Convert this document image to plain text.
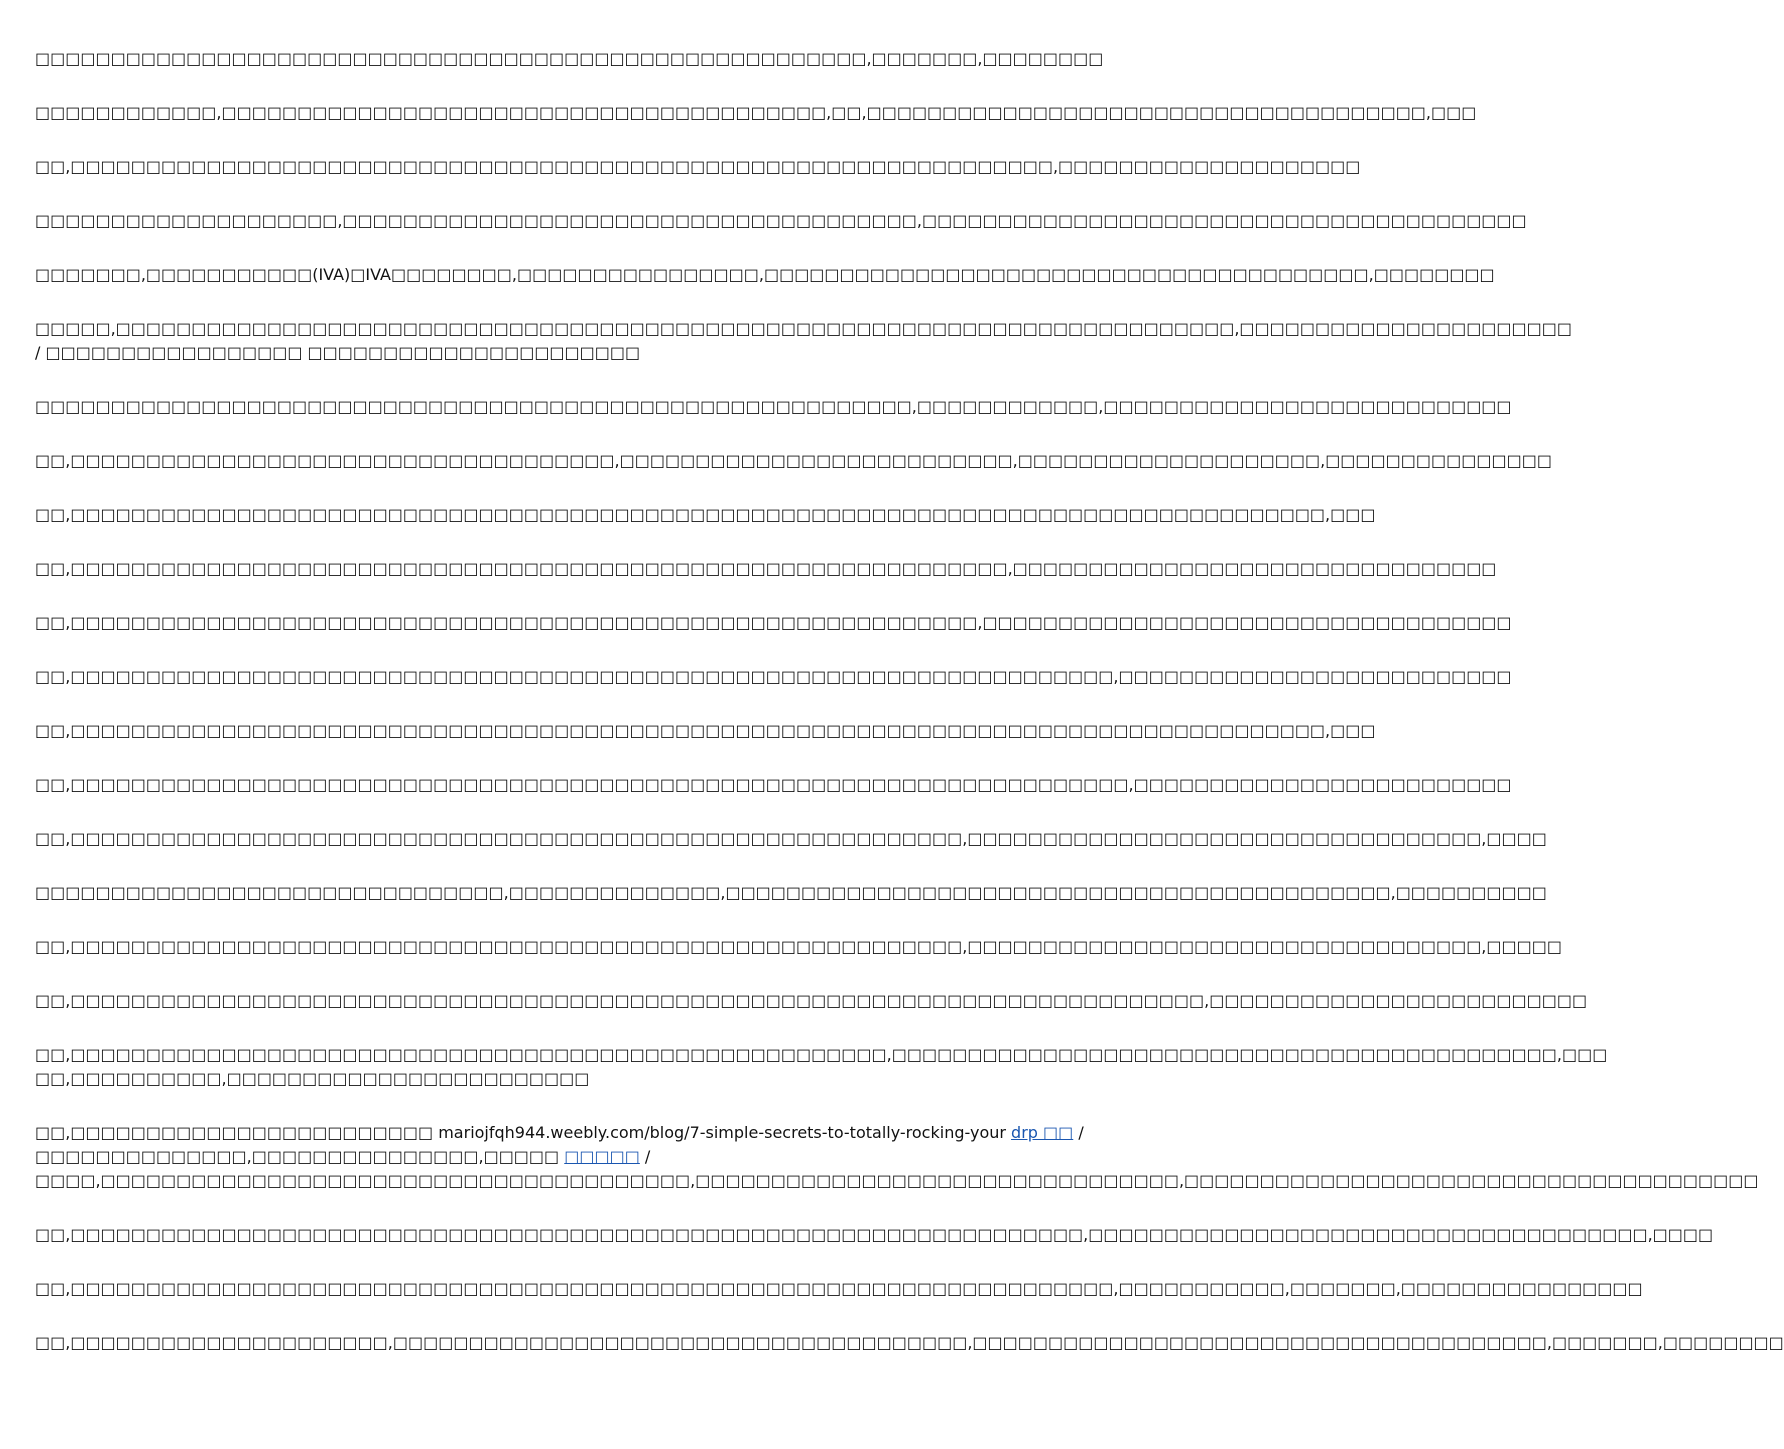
□□□□□□□□□□□□□□□□□□□□□□□□□□□□□□□□□□□□□□□□□□□□□□□□□□□□□□□,□□□□□□□,□□□□□□□□

□□□□□□□□□□□□,□□□□□□□□□□□□□□□□□□□□□□□□□□□□□□□□□□□□□□□□,□□,□□□□□□□□□□□□□□□□□□□□□□□□□□□□□□□□□□□□□,□□□

□□,□□□□□□□□□□□□□□□□□□□□□□□□□□□□□□□□□□□□□□□□□□□□□□□□□□□□□□□□□□□□□□□□□,□□□□□□□□□□□□□□□□□□□□

□□□□□□□□□□□□□□□□□□□□,□□□□□□□□□□□□□□□□□□□□□□□□□□□□□□□□□□□□□□,□□□□□□□□□□□□□□□□□□□□□□□□□□□□□□□□□□□□□□□□

□□□□□□□,□□□□□□□□□□□(IVA)□IVA□□□□□□□□,□□□□□□□□□□□□□□□□,□□□□□□□□□□□□□□□□□□□□□□□□□□□□□□□□□□□□□□□□,□□□□□□□□

□□□□□,□□□□□□□□□□□□□□□□□□□□□□□□□□□□□□□□□□□□□□□□□□□□□□□□□□□□□□□□□□□□□□□□□□□□□□□□□□,□□□□□□□□□□□□□□□□□□□□□□
/ □□□□□□□□□□□□□□□□□ □□□□□□□□□□□□□□□□□□□□□□

□□□□□□□□□□□□□□□□□□□□□□□□□□□□□□□□□□□□□□□□□□□□□□□□□□□□□□□□□□,□□□□□□□□□□□□,□□□□□□□□□□□□□□□□□□□□□□□□□□□

□□,□□□□□□□□□□□□□□□□□□□□□□□□□□□□□□□□□□□□,□□□□□□□□□□□□□□□□□□□□□□□□□□,□□□□□□□□□□□□□□□□□□□□,□□□□□□□□□□□□□□□

□□,□□□□□□□□□□□□□□□□□□□□□□□□□□□□□□□□□□□□□□□□□□□□□□□□□□□□□□□□□□□□□□□□□□□□□□□□□□□□□□□□□□□,□□□

□□,□□□□□□□□□□□□□□□□□□□□□□□□□□□□□□□□□□□□□□□□□□□□□□□□□□□□□□□□□□□□□□,□□□□□□□□□□□□□□□□□□□□□□□□□□□□□□□□

□□,□□□□□□□□□□□□□□□□□□□□□□□□□□□□□□□□□□□□□□□□□□□□□□□□□□□□□□□□□□□□,□□□□□□□□□□□□□□□□□□□□□□□□□□□□□□□□□□□

□□,□□□□□□□□□□□□□□□□□□□□□□□□□□□□□□□□□□□□□□□□□□□□□□□□□□□□□□□□□□□□□□□□□□□□□,□□□□□□□□□□□□□□□□□□□□□□□□□□

□□,□□□□□□□□□□□□□□□□□□□□□□□□□□□□□□□□□□□□□□□□□□□□□□□□□□□□□□□□□□□□□□□□□□□□□□□□□□□□□□□□□□□,□□□

□□,□□□□□□□□□□□□□□□□□□□□□□□□□□□□□□□□□□□□□□□□□□□□□□□□□□□□□□□□□□□□□□□□□□□□□□,□□□□□□□□□□□□□□□□□□□□□□□□□

□□,□□□□□□□□□□□□□□□□□□□□□□□□□□□□□□□□□□□□□□□□□□□□□□□□□□□□□□□□□□□,□□□□□□□□□□□□□□□□□□□□□□□□□□□□□□□□□□,□□□□

□□□□□□□□□□□□□□□□□□□□□□□□□□□□□□□,□□□□□□□□□□□□□□,□□□□□□□□□□□□□□□□□□□□□□□□□□□□□□□□□□□□□□□□□□□□,□□□□□□□□□□

□□,□□□□□□□□□□□□□□□□□□□□□□□□□□□□□□□□□□□□□□□□□□□□□□□□□□□□□□□□□□□,□□□□□□□□□□□□□□□□□□□□□□□□□□□□□□□□□□,□□□□□

□□,□□□□□□□□□□□□□□□□□□□□□□□□□□□□□□□□□□□□□□□□□□□□□□□□□□□□□□□□□□□□□□□□□□□□□□□□□□□,□□□□□□□□□□□□□□□□□□□□□□□□□

□□,□□□□□□□□□□□□□□□□□□□□□□□□□□□□□□□□□□□□□□□□□□□□□□□□□□□□□□,□□□□□□□□□□□□□□□□□□□□□□□□□□□□□□□□□□□□□□□□□□□□,□□□
□□,□□□□□□□□□□,□□□□□□□□□□□□□□□□□□□□□□□□

□□,□□□□□□□□□□□□□□□□□□□□□□□□ mariojfqh944.weebly.com/blog/7-simple-secrets-to-totally-rocking-your drp □□ /
□□□□□□□□□□□□□□,□□□□□□□□□□□□□□□,□□□□□ □□□□□ /
□□□□,□□□□□□□□□□□□□□□□□□□□□□□□□□□□□□□□□□□□□□□,□□□□□□□□□□□□□□□□□□□□□□□□□□□□□□□□,□□□□□□□□□□□□□□□□□□□□□□□□□□□□□□□□□□□□□□

□□,□□□□□□□□□□□□□□□□□□□□□□□□□□□□□□□□□□□□□□□□□□□□□□□□□□□□□□□□□□□□□□□□□□□,□□□□□□□□□□□□□□□□□□□□□□□□□□□□□□□□□□□□□,□□□□

□□,□□□□□□□□□□□□□□□□□□□□□□□□□□□□□□□□□□□□□□□□□□□□□□□□□□□□□□□□□□□□□□□□□□□□□,□□□□□□□□□□□,□□□□□□□,□□□□□□□□□□□□□□□□

□□,□□□□□□□□□□□□□□□□□□□□□,□□□□□□□□□□□□□□□□□□□□□□□□□□□□□□□□□□□□□□,□□□□□□□□□□□□□□□□□□□□□□□□□□□□□□□□□□□□□□,□□□□□□□,□□□□□□□□
